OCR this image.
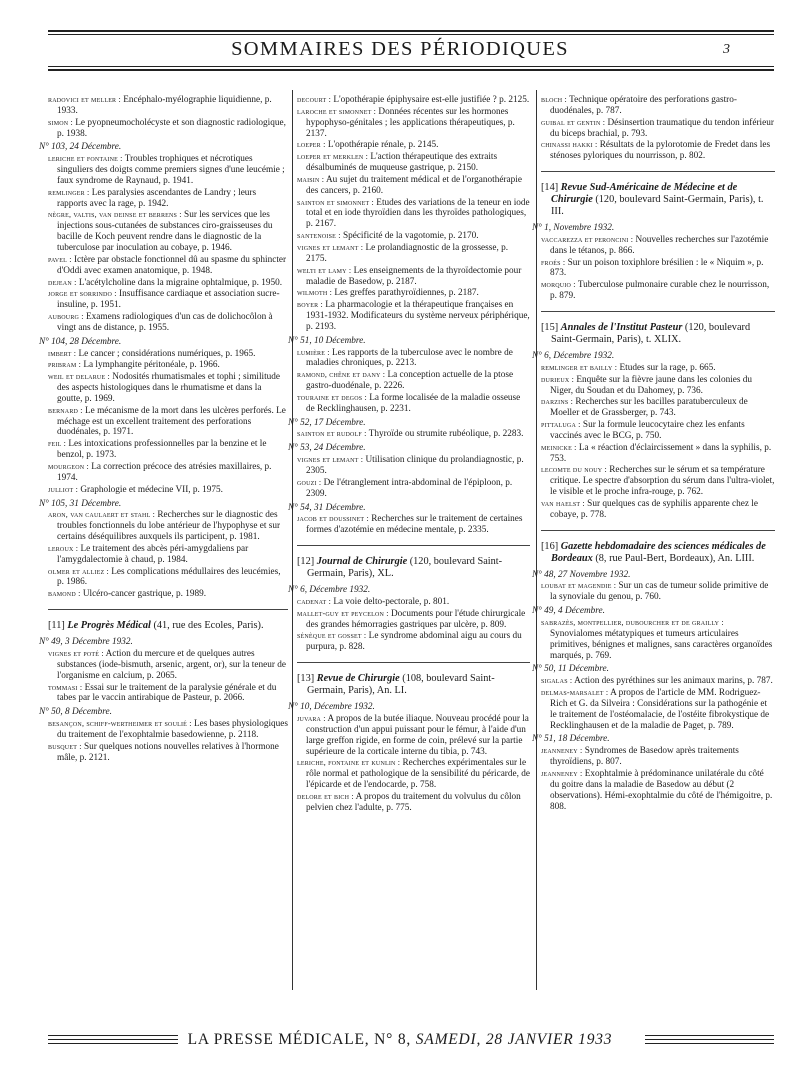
SOMMAIRES DES PÉRIODIQUES	3

radovici et meller : Encéphalo-myélographie liquidienne, p. 1933.

simon : Le pyopneumocholécyste et son diagnostic radiologique, p. 1938.

N° 103, 24 Décembre.

leriche et fontaine : Troubles trophiques et nécrotiques singuliers des doigts comme premiers signes d'une leucémie ; faux syndrome de Raynaud, p. 1941.

remlinger : Les paralysies ascendantes de Landry ; leurs rapports avec la rage, p. 1942.

nègre, valtis, van deinse et berrens : Sur les services que les injections sous-cutanées de substances ciro-graisseuses du bacille de Koch peuvent rendre dans le diagnostic de la tuberculose par inoculation au cobaye, p. 1946.

pavel : Ictère par obstacle fonctionnel dû au spasme du sphincter d'Oddi avec examen anatomique, p. 1948.

dejean : L'acétylcholine dans la migraine ophtalmique, p. 1950.

jorge et sorrindo : Insuffisance cardiaque et association sucre-insuline, p. 1951.

aubourg : Examens radiologiques d'un cas de dolichocôlon à vingt ans de distance, p. 1955.

N° 104, 28 Décembre.

imbert : Le cancer ; considérations numériques, p. 1965.

pribram : La lymphangite péritonéale, p. 1966.

weil et delarue : Nodosités rhumatismales et tophi ; similitude des aspects histologiques dans le rhumatisme et dans la goutte, p. 1969.

bernard : Le mécanisme de la mort dans les ulcères perforés. Le méchage est un excellent traitement des perforations duodénales, p. 1971.

feil : Les intoxications professionnelles par la benzine et le benzol, p. 1973.

mourgeon : La correction précoce des atrésies maxillaires, p. 1974.

julliot : Graphologie et médecine VII, p. 1975.

N° 105, 31 Décembre.

aron, van caulaert et stahl : Recherches sur le diagnostic des troubles fonctionnels du lobe antérieur de l'hypophyse et sur certains déséquilibres auxquels ils participent, p. 1981.

leroux : Le traitement des abcès péri-amygdaliens par l'amygdalectomie à chaud, p. 1984.

olmer et alliez : Les complications médullaires des leucémies, p. 1986.

bamond : Ulcéro-cancer gastrique, p. 1989.

[11] Le Progrès Médical (41, rue des Ecoles, Paris).

N° 49, 3 Décembre 1932.

vignes et poté : Action du mercure et de quelques autres substances (iode-bismuth, arsenic, argent, or), sur la teneur de l'organisme en calcium, p. 2065.

tommasi : Essai sur le traitement de la paralysie générale et du tabes par le vaccin antirabique de Pasteur, p. 2066.

N° 50, 8 Décembre.

besançon, schiff-wertheimer et soulié : Les bases physiologiques du traitement de l'exophtalmie basedowienne, p. 2118.

busquet : Sur quelques notions nouvelles relatives à l'hormone mâle, p. 2121.

decourt : L'opothérapie épiphysaire est-elle justifiée ? p. 2125.

laroche et simonnet : Données récentes sur les hormones hypophyso-génitales ; les applications thérapeutiques, p. 2137.

loeper : L'opothérapie rénale, p. 2145.

loeper et merklen : L'action thérapeutique des extraits désalbuminés de muqueuse gastrique, p. 2150.

maisin : Au sujet du traitement médical et de l'organothérapie des cancers, p. 2160.

sainton et simonnet : Etudes des variations de la teneur en iode total et en iode thyroïdien dans les thyroïdes pathologiques, p. 2167.

santenoise : Spécificité de la vagotomie, p. 2170.

vignes et lemant : Le prolandiagnostic de la grossesse, p. 2175.

welti et lamy : Les enseignements de la thyroïdectomie pour maladie de Basedow, p. 2187.

wilmoth : Les greffes parathyroïdiennes, p. 2187.

boyer : La pharmacologie et la thérapeutique françaises en 1931-1932. Modificateurs du système nerveux périphérique, p. 2193.

N° 51, 10 Décembre.

lumière : Les rapports de la tuberculose avec le nombre de maladies chroniques, p. 2213.

ramond, chêne et dany : La conception actuelle de la ptose gastro-duodénale, p. 2226.

touraine et degos : La forme localisée de la maladie osseuse de Recklinghausen, p. 2231.

N° 52, 17 Décembre.

sainton et rudolf : Thyroïde ou strumite rubéolique, p. 2283.

N° 53, 24 Décembre.

vignes et lemant : Utilisation clinique du prolandiagnostic, p. 2305.

gouzi : De l'étranglement intra-abdominal de l'épiploon, p. 2309.

N° 54, 31 Décembre.

jacob et doussinet : Recherches sur le traitement de certaines formes d'azotémie en médecine mentale, p. 2335.

[12] Journal de Chirurgie (120, boulevard Saint-Germain, Paris), XL.

N° 6, Décembre 1932.

cadenat : La voie delto-pectorale, p. 801.

mallet-guy et peycelon : Documents pour l'étude chirurgicale des grandes hémorragies gastriques par ulcère, p. 809.

sénèque et gosset : Le syndrome abdominal aigu au cours du purpura, p. 828.

[13] Revue de Chirurgie (108, boulevard Saint-Germain, Paris), An. LI.

N° 10, Décembre 1932.

juvara : A propos de la butée iliaque. Nouveau procédé pour la construction d'un appui puissant pour le fémur, à l'aide d'un large greffon rigide, en forme de coin, prélevé sur la partie supérieure de la corticale interne du tibia, p. 743.

leriche, fontaine et kunlin : Recherches expérimentales sur le rôle normal et pathologique de la sensibilité du péricarde, de l'épicarde et de l'endocarde, p. 758.

delore et bich : A propos du traitement du volvulus du côlon pelvien chez l'adulte, p. 775.

bloch : Technique opératoire des perforations gastro-duodénales, p. 787.

guibal et gentin : Désinsertion traumatique du tendon inférieur du biceps brachial, p. 793.

chinassi hakki : Résultats de la pylorotomie de Fredet dans les sténoses pyloriques du nourrisson, p. 802.

[14] Revue Sud-Américaine de Médecine et de Chirurgie (120, boulevard Saint-Germain, Paris), t. III.

N° 1, Novembre 1932.

vaccarezza et peroncini : Nouvelles recherches sur l'azotémie dans le tétanos, p. 866.

froés : Sur un poison toxiphlore brésilien : le « Niquim », p. 873.

morquio : Tuberculose pulmonaire curable chez le nourrisson, p. 879.

[15] Annales de l'Institut Pasteur (120, boulevard Saint-Germain, Paris), t. XLIX.

N° 6, Décembre 1932.

remlinger et bailly : Etudes sur la rage, p. 665.

durieux : Enquête sur la fièvre jaune dans les colonies du Niger, du Soudan et du Dahomey, p. 736.

darzins : Recherches sur les bacilles paratuberculeux de Moeller et de Grassberger, p. 743.

pittaluga : Sur la formule leucocytaire chez les enfants vaccinés avec le BCG, p. 750.

meinicke : La « réaction d'éclaircissement » dans la syphilis, p. 753.

lecomte du nouy : Recherches sur le sérum et sa température critique. Le spectre d'absorption du sérum dans l'ultra-violet, le visible et le proche infra-rouge, p. 762.

van haelst : Sur quelques cas de syphilis apparente chez le cobaye, p. 778.

[16] Gazette hebdomadaire des sciences médicales de Bordeaux (8, rue Paul-Bert, Bordeaux), An. LIII.

N° 48, 27 Novembre 1932.

loubat et magendie : Sur un cas de tumeur solide primitive de la synoviale du genou, p. 760.

N° 49, 4 Décembre.

sabrazès, montpellier, dubourcher et de grailly : Synovialomes métatypiques et tumeurs articulaires primitives, bénignes et malignes, sans caractères organoïdes marqués, p. 769.

N° 50, 11 Décembre.

sigalas : Action des pyréthines sur les animaux marins, p. 787.

delmas-marsalet : A propos de l'article de MM. Rodriguez-Rich et G. da Silveira : Considérations sur la pathogénie et le traitement de l'ostéomalacie, de l'ostéite fibrokystique de Recklinghausen et de la maladie de Paget, p. 789.

N° 51, 18 Décembre.

jeanneney : Syndromes de Basedow après traitements thyroïdiens, p. 807.

jeanneney : Exophtalmie à prédominance unilatérale du côté du goitre dans la maladie de Basedow au début (2 observations). Hémi-exophtalmie du côté de l'hémigoitre, p. 808.

LA PRESSE MÉDICALE, N° 8, SAMEDI, 28 JANVIER 1933
